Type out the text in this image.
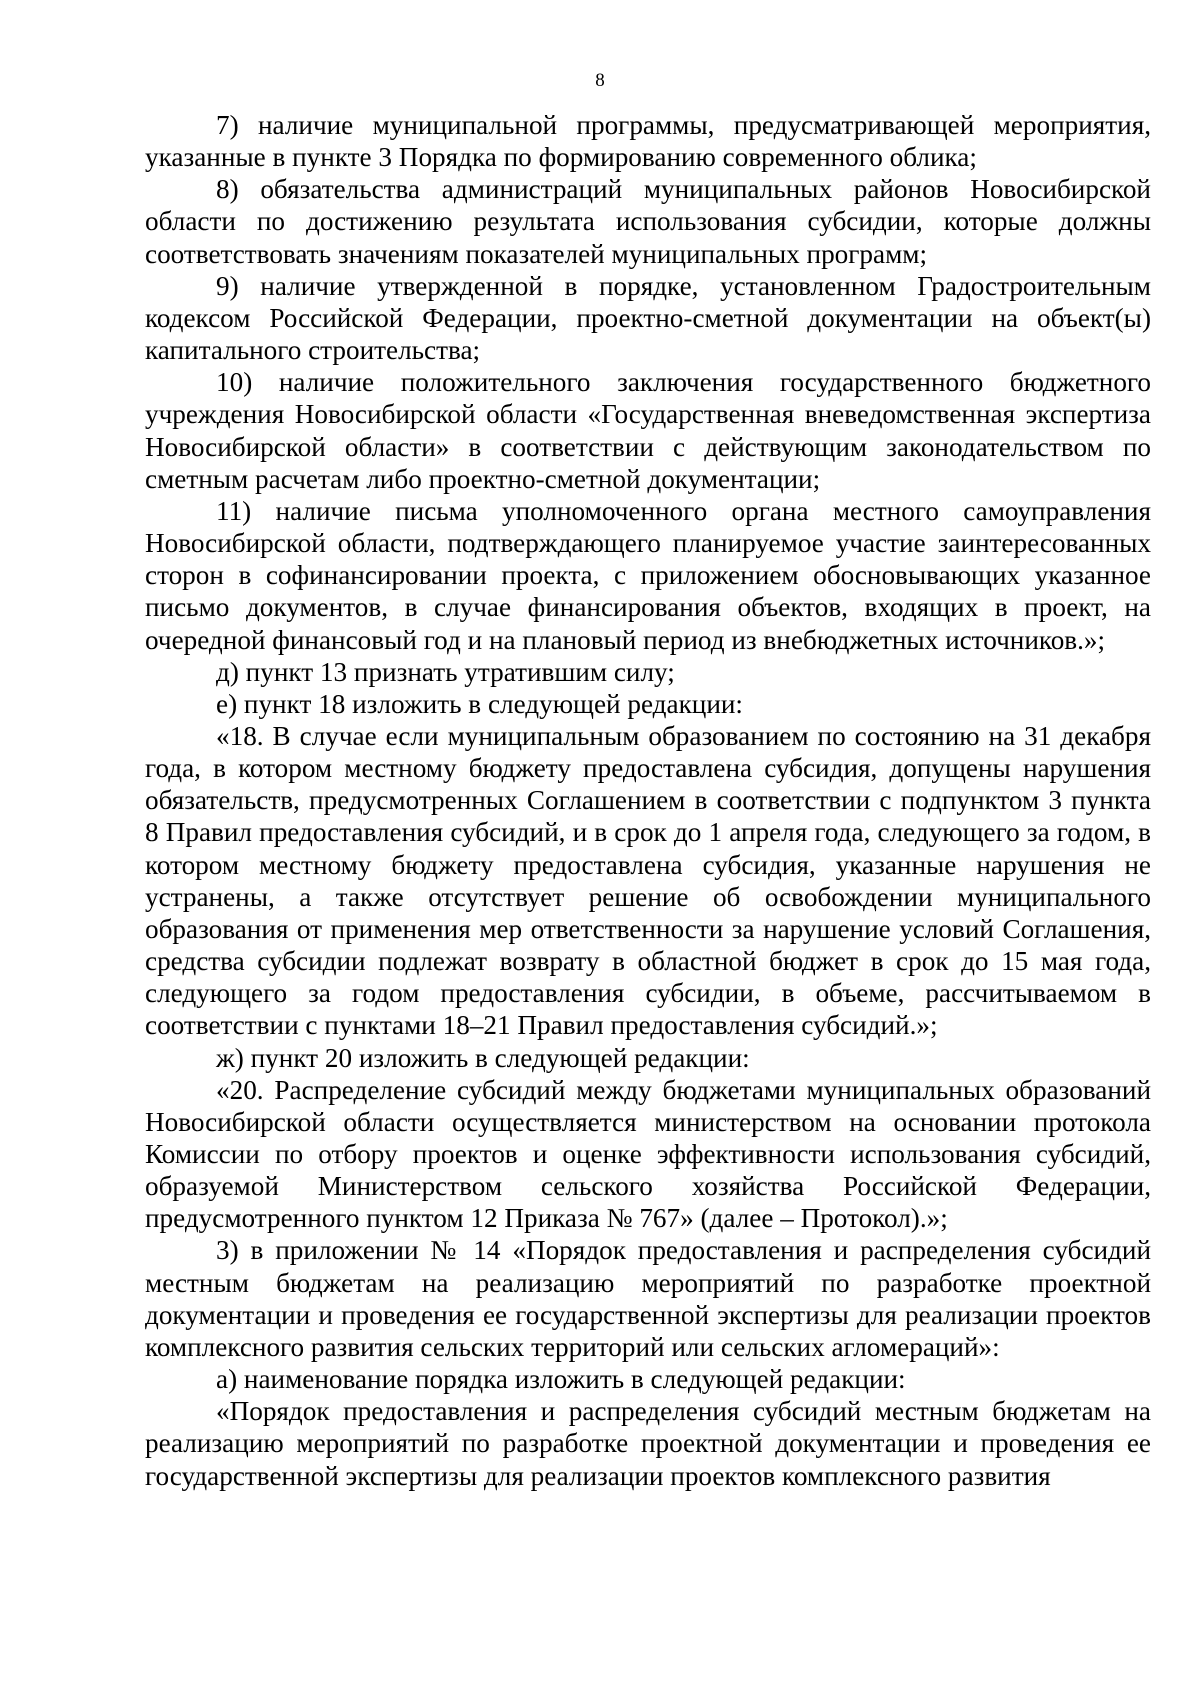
8

7) наличие муниципальной программы, предусматривающей мероприятия, указанные в пункте 3 Порядка по формированию современного облика;

8) обязательства администраций муниципальных районов Новосибирской области по достижению результата использования субсидии, которые должны соответствовать значениям показателей муниципальных программ;

9) наличие утвержденной в порядке, установленном Градостроительным кодексом Российской Федерации, проектно-сметной документации на объект(ы) капитального строительства;

10) наличие положительного заключения государственного бюджетного учреждения Новосибирской области «Государственная вневедомственная экспертиза Новосибирской области» в соответствии с действующим законодательством по сметным расчетам либо проектно-сметной документации;

11) наличие письма уполномоченного органа местного самоуправления Новосибирской области, подтверждающего планируемое участие заинтересованных сторон в софинансировании проекта, с приложением обосновывающих указанное письмо документов, в случае финансирования объектов, входящих в проект, на очередной финансовый год и на плановый период из внебюджетных источников.»;

д) пункт 13 признать утратившим силу;

е) пункт 18 изложить в следующей редакции:

«18. В случае если муниципальным образованием по состоянию на 31 декабря года, в котором местному бюджету предоставлена субсидия, допущены нарушения обязательств, предусмотренных Соглашением в соответствии с подпунктом 3 пункта 8 Правил предоставления субсидий, и в срок до 1 апреля года, следующего за годом, в котором местному бюджету предоставлена субсидия, указанные нарушения не устранены, а также отсутствует решение об освобождении муниципального образования от применения мер ответственности за нарушение условий Соглашения, средства субсидии подлежат возврату в областной бюджет в срок до 15 мая года, следующего за годом предоставления субсидии, в объеме, рассчитываемом в соответствии с пунктами 18–21 Правил предоставления субсидий.»;

ж) пункт 20 изложить в следующей редакции:

«20. Распределение субсидий между бюджетами муниципальных образований Новосибирской области осуществляется министерством на основании протокола Комиссии по отбору проектов и оценке эффективности использования субсидий, образуемой Министерством сельского хозяйства Российской Федерации, предусмотренного пунктом 12 Приказа № 767» (далее – Протокол).»;

3) в приложении № 14 «Порядок предоставления и распределения субсидий местным бюджетам на реализацию мероприятий по разработке проектной документации и проведения ее государственной экспертизы для реализации проектов комплексного развития сельских территорий или сельских агломераций»:

а) наименование порядка изложить в следующей редакции:

«Порядок предоставления и распределения субсидий местным бюджетам на реализацию мероприятий по разработке проектной документации и проведения ее государственной экспертизы для реализации проектов комплексного развития
